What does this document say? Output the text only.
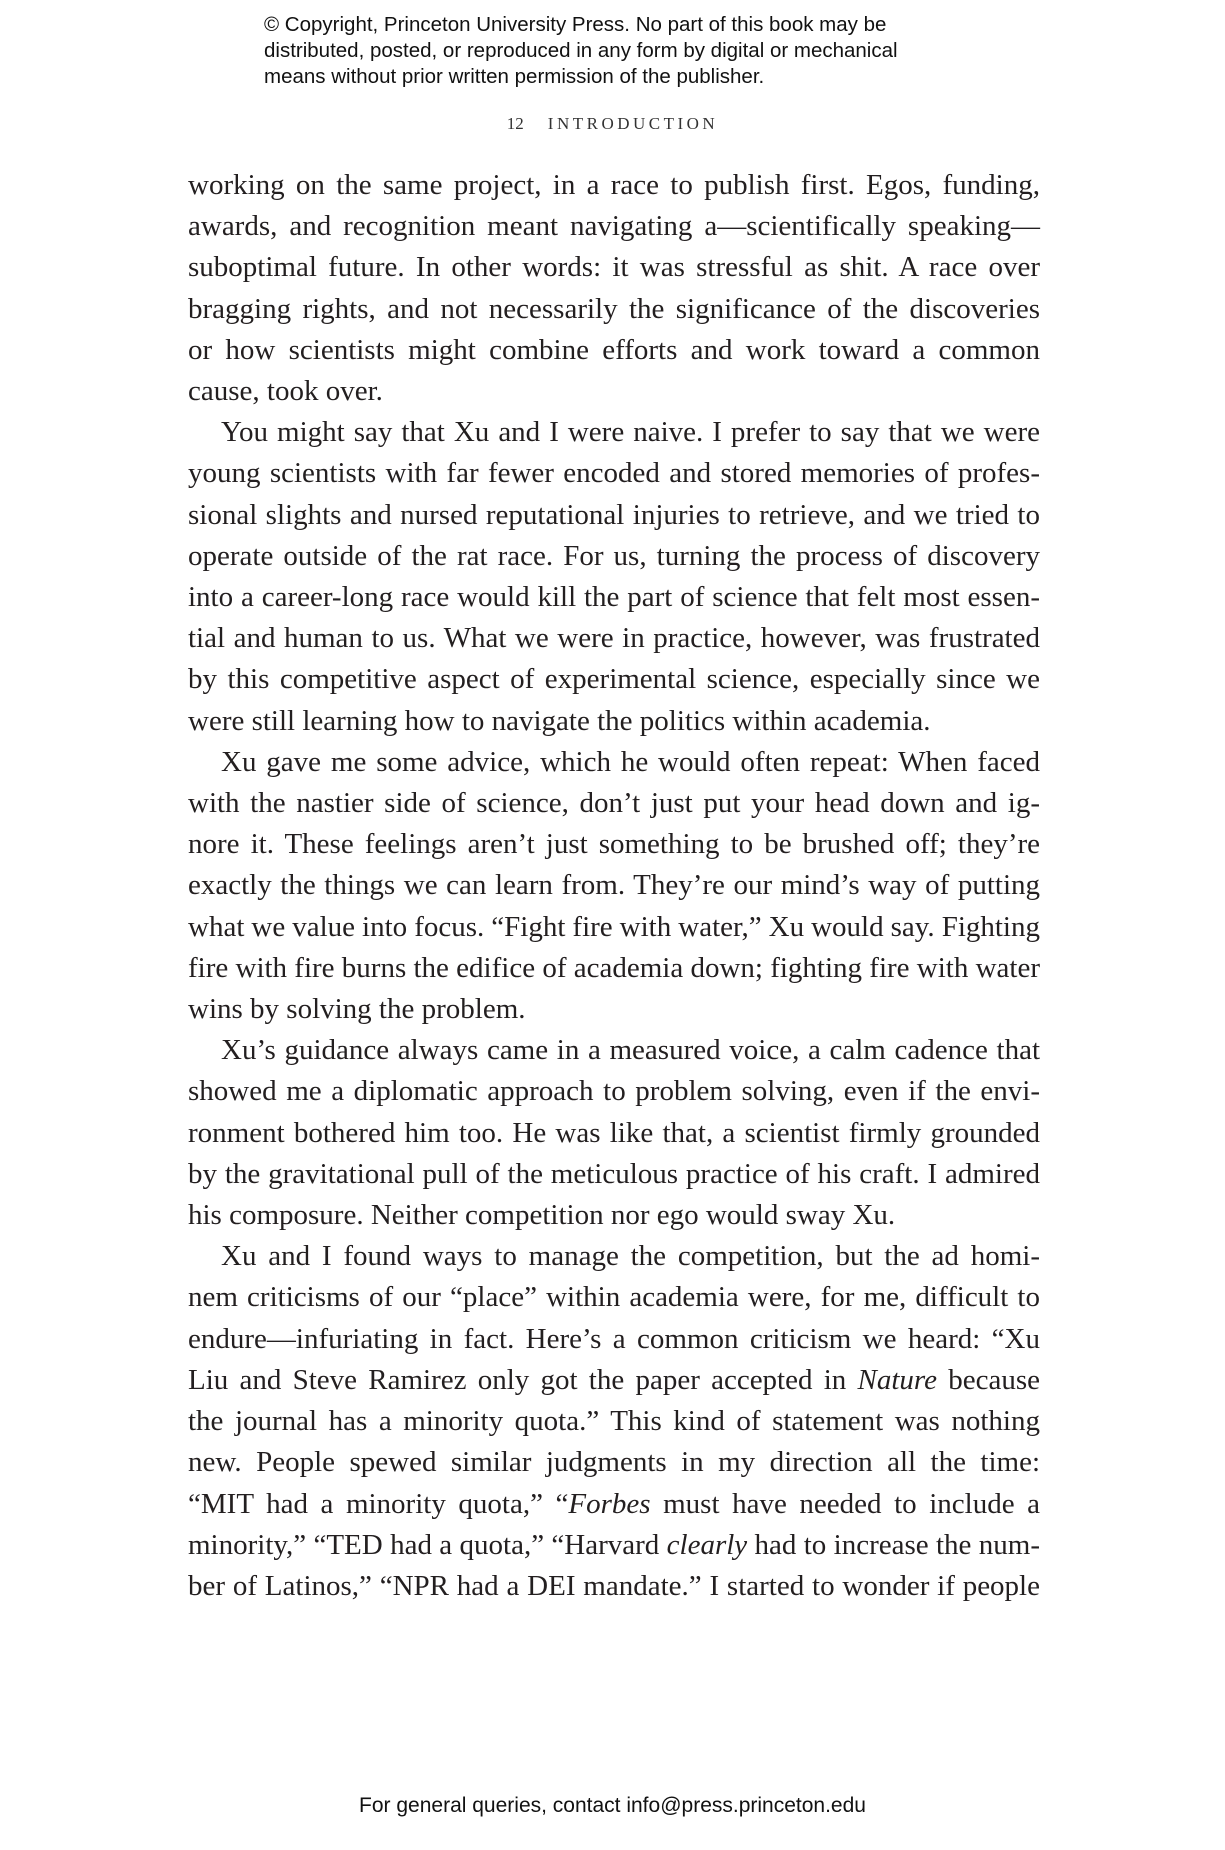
© Copyright, Princeton University Press. No part of this book may be
distributed, posted, or reproduced in any form by digital or mechanical
means without prior written permission of the publisher.
12 INTRODUCTION
working on the same project, in a race to publish first. Egos, funding,
awards, and recognition meant navigating a—scientifically speaking—
suboptimal future. In other words: it was stressful as shit. A race over
bragging rights, and not necessarily the significance of the discoveries
or how scientists might combine efforts and work toward a common
cause, took over.
You might say that Xu and I were naive. I prefer to say that we were
young scientists with far fewer encoded and stored memories of profes-
sional slights and nursed reputational injuries to retrieve, and we tried to
operate outside of the rat race. For us, turning the process of discovery
into a career-long race would kill the part of science that felt most essen-
tial and human to us. What we were in practice, however, was frustrated
by this competitive aspect of experimental science, especially since we
were still learning how to navigate the politics within academia.
Xu gave me some advice, which he would often repeat: When faced
with the nastier side of science, don’t just put your head down and ig-
nore it. These feelings aren’t just something to be brushed off; they’re
exactly the things we can learn from. They’re our mind’s way of putting
what we value into focus. “Fight fire with water,” Xu would say. Fighting
fire with fire burns the edifice of academia down; fighting fire with water
wins by solving the problem.
Xu’s guidance always came in a measured voice, a calm cadence that
showed me a diplomatic approach to problem solving, even if the envi-
ronment bothered him too. He was like that, a scientist firmly grounded
by the gravitational pull of the meticulous practice of his craft. I admired
his composure. Neither competition nor ego would sway Xu.
Xu and I found ways to manage the competition, but the ad homi-
nem criticisms of our “place” within academia were, for me, difficult to
endure—infuriating in fact. Here’s a common criticism we heard: “Xu
Liu and Steve Ramirez only got the paper accepted in Nature because
the journal has a minority quota.” This kind of statement was nothing
new. People spewed similar judgments in my direction all the time:
“MIT had a minority quota,” “Forbes must have needed to include a
minority,” “TED had a quota,” “Harvard clearly had to increase the num-
ber of Latinos,” “NPR had a DEI mandate.” I started to wonder if people
For general queries, contact info@press.princeton.edu
